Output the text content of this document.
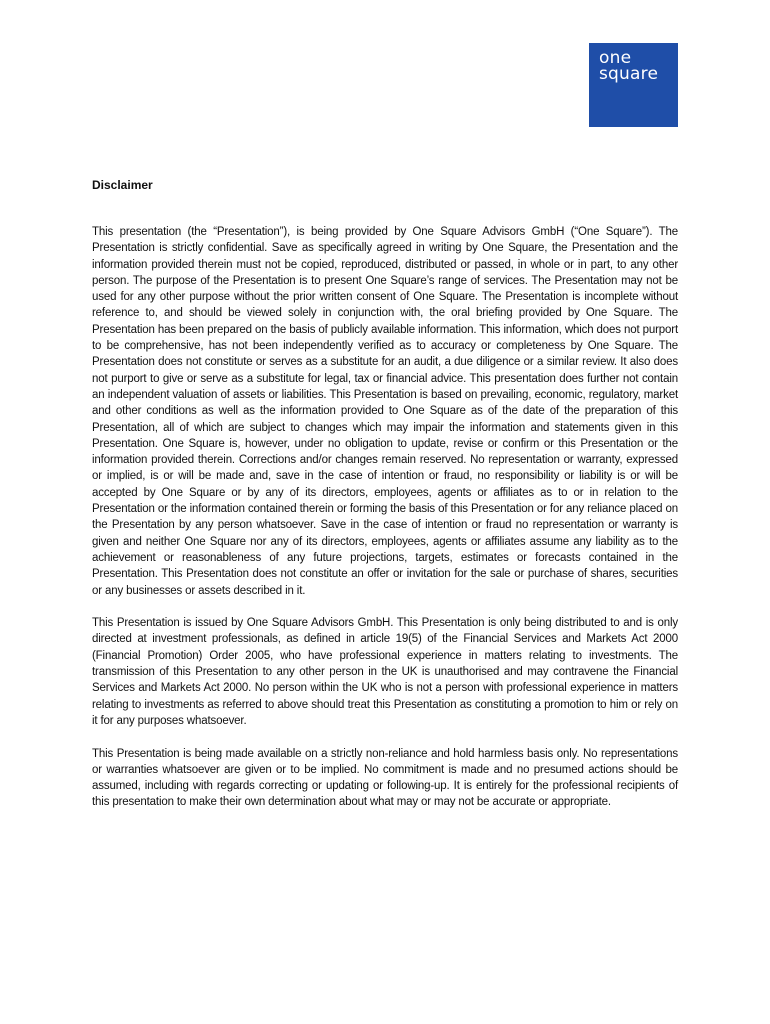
one
square
Disclaimer

This presentation (the “Presentation”), is being provided by One Square Advisors GmbH (“One Square”). The Presentation is strictly confidential. Save as specifically agreed in writing by One Square, the Presentation and the information provided therein must not be copied, reproduced, distributed or passed, in whole or in part, to any other person. The purpose of the Presentation is to present One Square’s range of services. The Presentation may not be used for any other purpose without the prior written consent of One Square. The Presentation is incomplete without reference to, and should be viewed solely in conjunction with, the oral briefing provided by One Square. The Presentation has been prepared on the basis of publicly available information. This information, which does not purport to be comprehensive, has not been independently verified as to accuracy or completeness by One Square. The Presentation does not constitute or serves as a substitute for an audit, a due diligence or a similar review. It also does not purport to give or serve as a substitute for legal, tax or financial advice. This presentation does further not contain an independent valuation of assets or liabilities. This Presentation is based on prevailing, economic, regulatory, market and other conditions as well as the information provided to One Square as of the date of the preparation of this Presentation, all of which are subject to changes which may impair the information and statements given in this Presentation. One Square is, however, under no obligation to update, revise or confirm or this Presentation or the information provided therein. Corrections and/or changes remain reserved. No representation or warranty, expressed or implied, is or will be made and, save in the case of intention or fraud, no responsibility or liability is or will be accepted by One Square or by any of its directors, employees, agents or affiliates as to or in relation to the Presentation or the information contained therein or forming the basis of this Presentation or for any reliance placed on the Presentation by any person whatsoever. Save in the case of intention or fraud no representation or warranty is given and neither One Square nor any of its directors, employees, agents or affiliates assume any liability as to the achievement or reasonableness of any future projections, targets, estimates or forecasts contained in the Presentation. This Presentation does not constitute an offer or invitation for the sale or purchase of shares, securities or any businesses or assets described in it.

This Presentation is issued by One Square Advisors GmbH. This Presentation is only being distributed to and is only directed at investment professionals, as defined in article 19(5) of the Financial Services and Markets Act 2000 (Financial Promotion) Order 2005, who have professional experience in matters relating to investments. The transmission of this Presentation to any other person in the UK is unauthorised and may contravene the Financial Services and Markets Act 2000. No person within the UK who is not a person with professional experience in matters relating to investments as referred to above should treat this Presentation as constituting a promotion to him or rely on it for any purposes whatsoever.

This Presentation is being made available on a strictly non-reliance and hold harmless basis only. No representations or warranties whatsoever are given or to be implied. No commitment is made and no presumed actions should be assumed, including with regards correcting or updating or following-up. It is entirely for the professional recipients of this presentation to make their own determination about what may or may not be accurate or appropriate.
